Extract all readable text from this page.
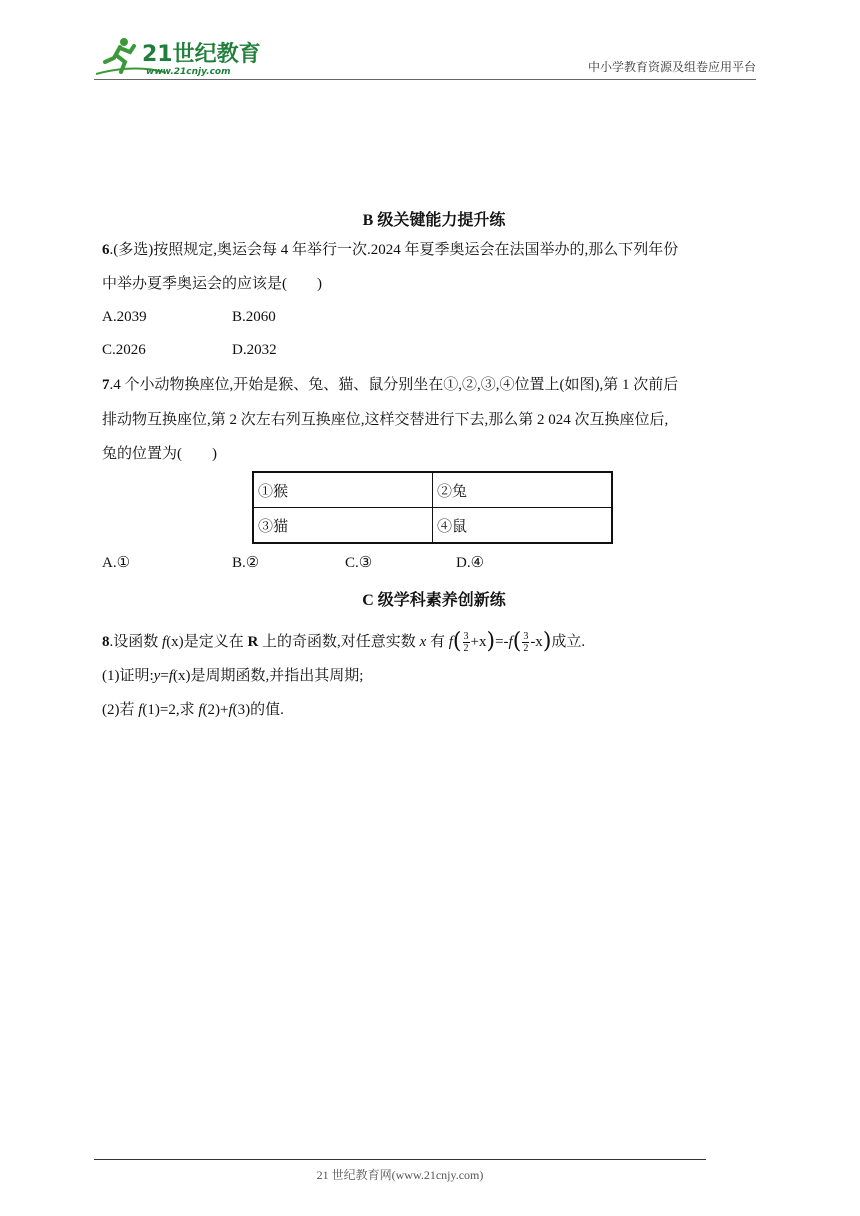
21世纪教育
www.21cnjy.com	中小学教育资源及组卷应用平台
B 级关键能力提升练
6.(多选)按照规定,奥运会每 4 年举行一次.2024 年夏季奥运会在法国举办的,那么下列年份
中举办夏季奥运会的应该是(　　)
A.2039	B.2060
C.2026	D.2032
7.4 个小动物换座位,开始是猴、兔、猫、鼠分别坐在①,②,③,④位置上(如图),第 1 次前后
排动物互换座位,第 2 次左右列互换座位,这样交替进行下去,那么第 2 024 次互换座位后,
兔的位置为(　　)
①猴	②兔
③猫	④鼠
A.①	B.②	C.③	D.④
C 级学科素养创新练
8.设函数 f(x)是定义在 R 上的奇函数,对任意实数 x 有 $f( \frac{3}{2} +x)=-f( \frac{3}{2} -x)$成立.
(1)证明:y=f(x)是周期函数,并指出其周期;
(2)若 f(1)=2,求 f(2)+f(3)的值.
21 世纪教育网(www.21cnjy.com)
